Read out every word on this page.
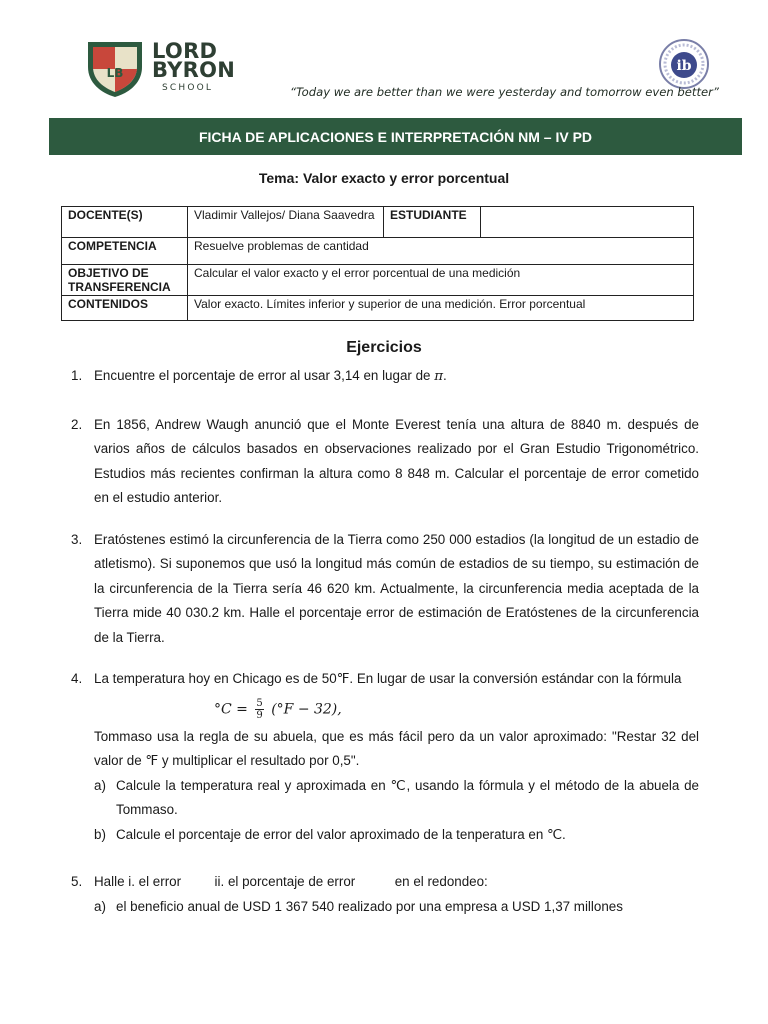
LB
LORD
BYRON
SCHOOL
ib
“Today we are better than we were yesterday and tomorrow even better”
FICHA DE APLICACIONES E INTERPRETACIÓN NM – IV PD
Tema: Valor exacto y error porcentual
DOCENTE(S)	Vladimir Vallejos/ Diana Saavedra	ESTUDIANTE	
COMPETENCIA	Resuelve problemas de cantidad		
OBJETIVO DE TRANSFERENCIA	Calcular el valor exacto y el error porcentual de una medición		
CONTENIDOS	Valor exacto. Límites inferior y superior de una medición. Error porcentual		
Ejercicios
1. Encuentre el porcentaje de error al usar 3,14 en lugar de π.
2. En 1856, Andrew Waugh anunció que el Monte Everest tenía una altura de 8840 m. después de varios años de cálculos basados en observaciones realizado por el Gran Estudio Trigonométrico. Estudios más recientes confirman la altura como 8 848 m. Calcular el porcentaje de error cometido en el estudio anterior.
3. Eratóstenes estimó la circunferencia de la Tierra como 250 000 estadios (la longitud de un estadio de atletismo). Si suponemos que usó la longitud más común de estadios de su tiempo, su estimación de la circunferencia de la Tierra sería 46 620 km. Actualmente, la circunferencia media aceptada de la Tierra mide 40 030.2 km. Halle el porcentaje error de estimación de Eratóstenes de la circunferencia de la Tierra.
4. La temperatura hoy en Chicago es de 50℉. En lugar de usar la conversión estándar con la fórmula
$^\circ C = \frac{5}{9} (^\circ F - 32)$,
Tommaso usa la regla de su abuela, que es más fácil pero da un valor aproximado: "Restar 32 del valor de ℉ y multiplicar el resultado por 0,5".
a) Calcule la temperatura real y aproximada en ℃, usando la fórmula y el método de la abuela de Tommaso.
b) Calcule el porcentaje de error del valor aproximado de la tenperatura en ℃.
5. Halle i. el error ii. el porcentaje de error	en el redondeo:
a) el beneficio anual de USD 1 367 540 realizado por una empresa a USD 1,37 millones
